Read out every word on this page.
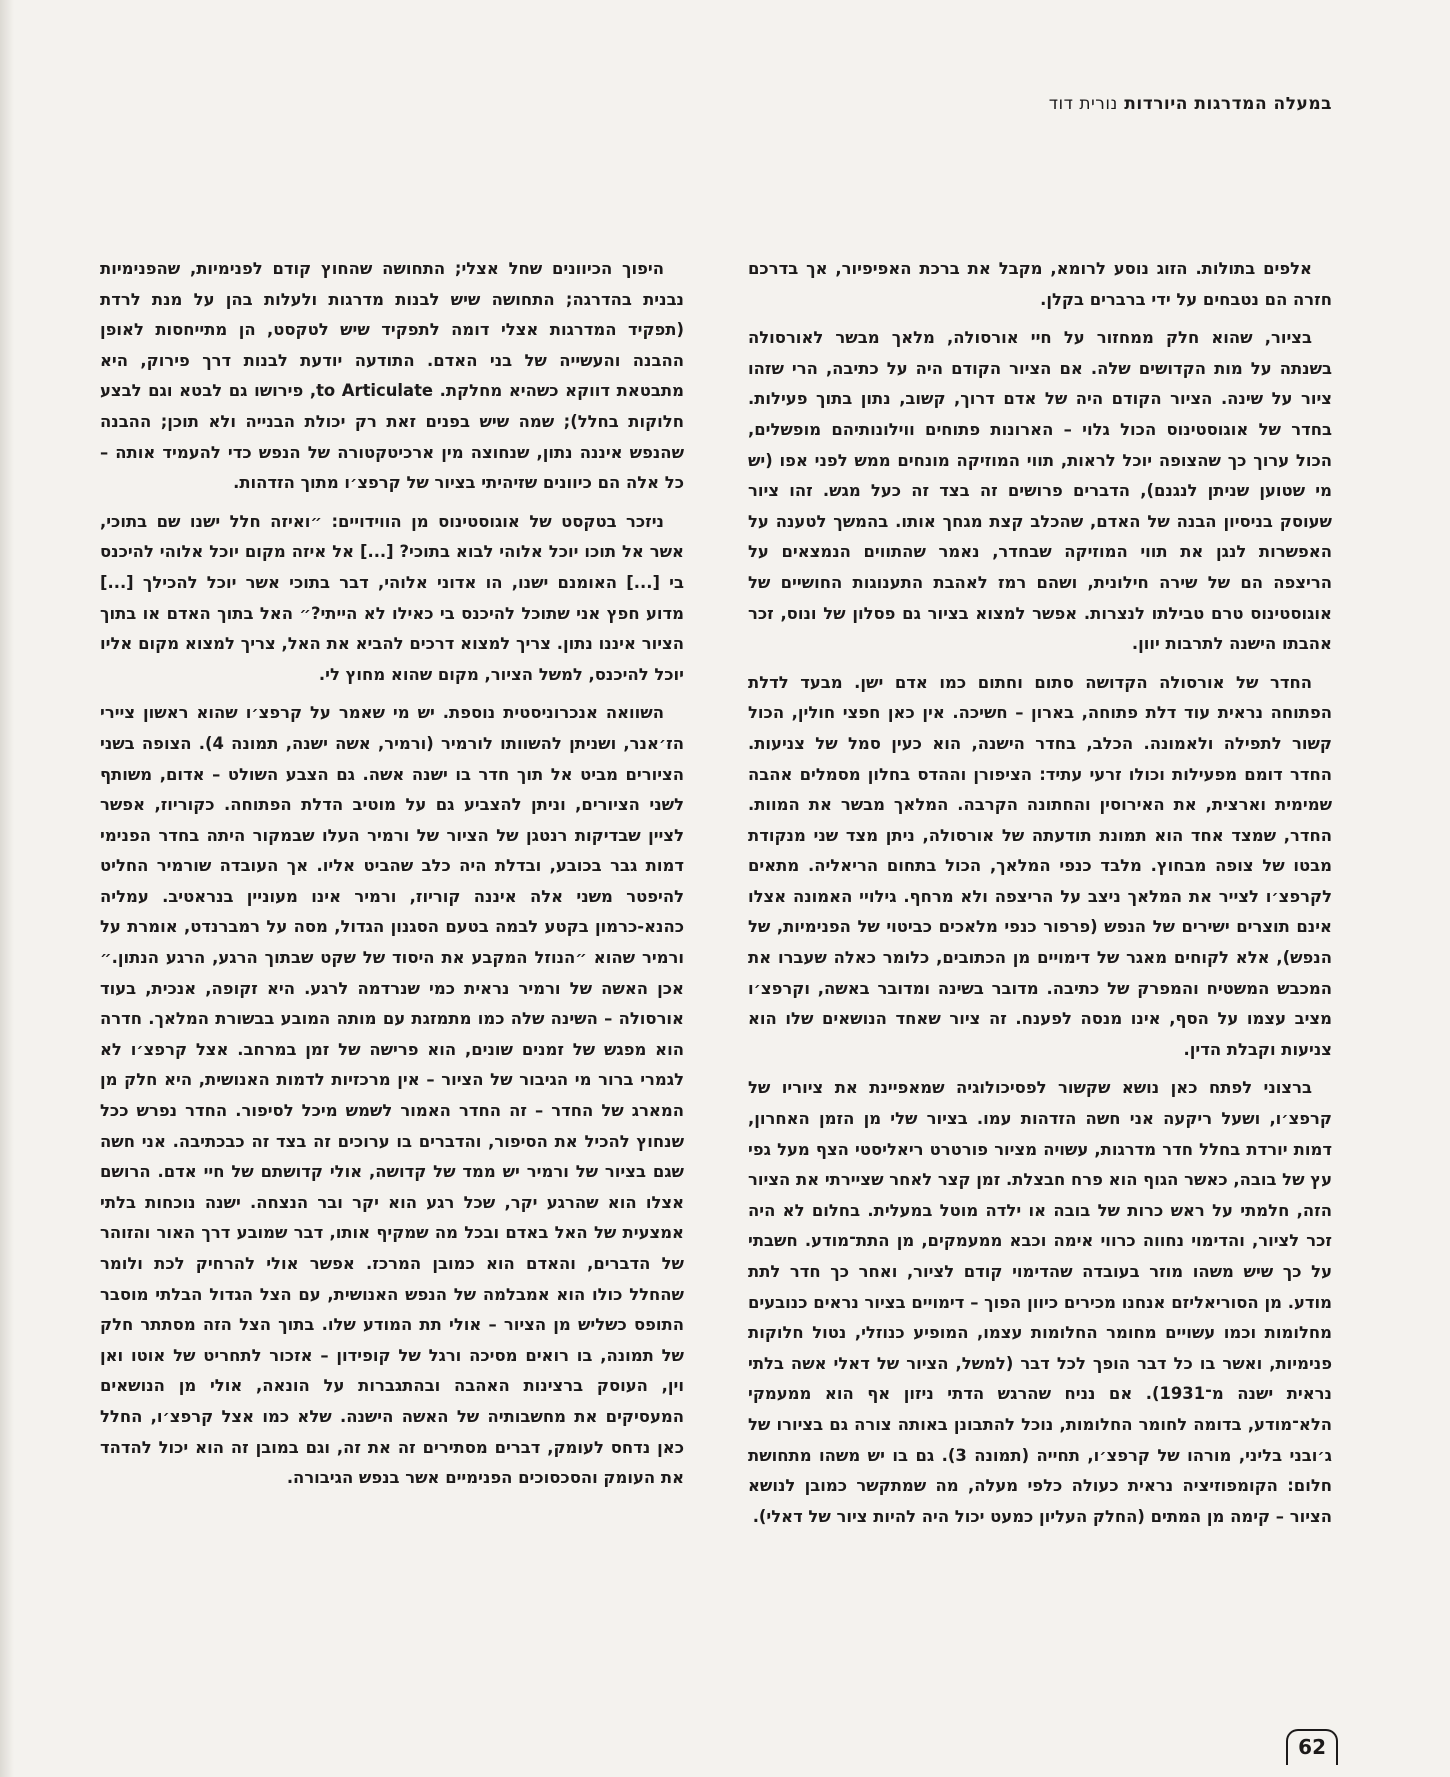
במעלה המדרגות היורדות נורית דוד

אלפים בתולות. הזוג נוסע לרומא, מקבל את ברכת האפיפיור, אך בדרכם חזרה הם נטבחים על ידי ברברים בקלן.

בציור, שהוא חלק ממחזור על חיי אורסולה, מלאך מבשר לאורסולה בשנתה על מות הקדושים שלה. אם הציור הקודם היה על כתיבה, הרי שזהו ציור על שינה. הציור הקודם היה של אדם דרוך, קשוב, נתון בתוך פעילות. בחדר של אוגוסטינוס הכול גלוי – הארונות פתוחים ווילונותיהם מופשלים, הכול ערוך כך שהצופה יוכל לראות, תווי המוזיקה מונחים ממש לפני אפו (יש מי שטוען שניתן לנגנם), הדברים פרושים זה בצד זה כעל מגש. זהו ציור שעוסק בניסיון הבנה של האדם, שהכלב קצת מגחך אותו. בהמשך לטענה על האפשרות לנגן את תווי המוזיקה שבחדר, נאמר שהתווים הנמצאים על הריצפה הם של שירה חילונית, ושהם רמז לאהבת התענוגות החושיים של אוגוסטינוס טרם טבילתו לנצרות. אפשר למצוא בציור גם פסלון של ונוס, זכר אהבתו הישנה לתרבות יוון.

החדר של אורסולה הקדושה סתום וחתום כמו אדם ישן. מבעד לדלת הפתוחה נראית עוד דלת פתוחה, בארון – חשיכה. אין כאן חפצי חולין, הכול קשור לתפילה ולאמונה. הכלב, בחדר הישנה, הוא כעין סמל של צניעות. החדר דומם מפעילות וכולו זרעי עתיד: הציפורן וההדס בחלון מסמלים אהבה שמימית וארצית, את האירוסין והחתונה הקרבה. המלאך מבשר את המוות. החדר, שמצד אחד הוא תמונת תודעתה של אורסולה, ניתן מצד שני מנקודת מבטו של צופה מבחוץ. מלבד כנפי המלאך, הכול בתחום הריאליה. מתאים לקרפצ׳ו לצייר את המלאך ניצב על הריצפה ולא מרחף. גילויי האמונה אצלו אינם תוצרים ישירים של הנפש (פרפור כנפי מלאכים כביטוי של הפנימיות, של הנפש), אלא לקוחים מאגר של דימויים מן הכתובים, כלומר כאלה שעברו את המכבש המשטיח והמפרק של כתיבה. מדובר בשינה ומדובר באשה, וקרפצ׳ו מציב עצמו על הסף, אינו מנסה לפענח. זה ציור שאחד הנושאים שלו הוא צניעות וקבלת הדין.

ברצוני לפתח כאן נושא שקשור לפסיכולוגיה שמאפיינת את ציוריו של קרפצ׳ו, ושעל ריקעה אני חשה הזדהות עמו. בציור שלי מן הזמן האחרון, דמות יורדת בחלל חדר מדרגות, עשויה מציור פורטרט ריאליסטי הצף מעל גפי עץ של בובה, כאשר הגוף הוא פרח חבצלת. זמן קצר לאחר שציירתי את הציור הזה, חלמתי על ראש כרות של בובה או ילדה מוטל במעלית. בחלום לא היה זכר לציור, והדימוי נחווה כרווי אימה וכבא ממעמקים, מן התת־מודע. חשבתי על כך שיש משהו מוזר בעובדה שהדימוי קודם לציור, ואחר כך חדר לתת מודע. מן הסוריאליזם אנחנו מכירים כיוון הפוך – דימויים בציור נראים כנובעים מחלומות וכמו עשויים מחומר החלומות עצמו, המופיע כנוזלי, נטול חלוקות פנימיות, ואשר בו כל דבר הופך לכל דבר (למשל, הציור של דאלי אשה בלתי נראית ישנה מ־1931). אם נניח שהרגש הדתי ניזון אף הוא ממעמקי הלא־מודע, בדומה לחומר החלומות, נוכל להתבונן באותה צורה גם בציורו של ג׳ובני בליני, מורהו של קרפצ׳ו, תחייה (תמונה 3). גם בו יש משהו מתחושת חלום: הקומפוזיציה נראית כעולה כלפי מעלה, מה שמתקשר כמובן לנושא הציור – קימה מן המתים (החלק העליון כמעט יכול היה להיות ציור של דאלי).

היפוך הכיוונים שחל אצלי; התחושה שהחוץ קודם לפנימיות, שהפנימיות נבנית בהדרגה; התחושה שיש לבנות מדרגות ולעלות בהן על מנת לרדת (תפקיד המדרגות אצלי דומה לתפקיד שיש לטקסט, הן מתייחסות לאופן ההבנה והעשייה של בני האדם. התודעה יודעת לבנות דרך פירוק, היא מתבטאת דווקא כשהיא מחלקת. to Articulate, פירושו גם לבטא וגם לבצע חלוקות בחלל); שמה שיש בפנים זאת רק יכולת הבנייה ולא תוכן; ההבנה שהנפש איננה נתון, שנחוצה מין ארכיטקטורה של הנפש כדי להעמיד אותה – כל אלה הם כיוונים שזיהיתי בציור של קרפצ׳ו מתוך הזדהות.

ניזכר בטקסט של אוגוסטינוס מן הווידויים: ״ואיזה חלל ישנו שם בתוכי, אשר אל תוכו יוכל אלוהי לבוא בתוכי? [...] אל איזה מקום יוכל אלוהי להיכנס בי [...] האומנם ישנו, הו אדוני אלוהי, דבר בתוכי אשר יוכל להכילך [...] מדוע חפץ אני שתוכל להיכנס בי כאילו לא הייתי?״ האל בתוך האדם או בתוך הציור איננו נתון. צריך למצוא דרכים להביא את האל, צריך למצוא מקום אליו יוכל להיכנס, למשל הציור, מקום שהוא מחוץ לי.

השוואה אנכרוניסטית נוספת. יש מי שאמר על קרפצ׳ו שהוא ראשון ציירי הז׳אנר, ושניתן להשוותו לורמיר (ורמיר, אשה ישנה, תמונה 4). הצופה בשני הציורים מביט אל תוך חדר בו ישנה אשה. גם הצבע השולט – אדום, משותף לשני הציורים, וניתן להצביע גם על מוטיב הדלת הפתוחה. כקוריוז, אפשר לציין שבדיקות רנטגן של הציור של ורמיר העלו שבמקור היתה בחדר הפנימי דמות גבר בכובע, ובדלת היה כלב שהביט אליו. אך העובדה שורמיר החליט להיפטר משני אלה איננה קוריוז, ורמיר אינו מעוניין בנראטיב. עמליה כהנא-כרמון בקטע לבמה בטעם הסגנון הגדול, מסה על רמברנדט, אומרת על ורמיר שהוא ״הנוזל המקבע את היסוד של שקט שבתוך הרגע, הרגע הנתון.״ אכן האשה של ורמיר נראית כמי שנרדמה לרגע. היא זקופה, אנכית, בעוד אורסולה – השינה שלה כמו מתמזגת עם מותה המובע בבשורת המלאך. חדרה הוא מפגש של זמנים שונים, הוא פרישה של זמן במרחב. אצל קרפצ׳ו לא לגמרי ברור מי הגיבור של הציור – אין מרכזיות לדמות האנושית, היא חלק מן המארג של החדר – זה החדר האמור לשמש מיכל לסיפור. החדר נפרש ככל שנחוץ להכיל את הסיפור, והדברים בו ערוכים זה בצד זה כבכתיבה. אני חשה שגם בציור של ורמיר יש ממד של קדושה, אולי קדושתם של חיי אדם. הרושם אצלו הוא שהרגע יקר, שכל רגע הוא יקר ובר הנצחה. ישנה נוכחות בלתי אמצעית של האל באדם ובכל מה שמקיף אותו, דבר שמובע דרך האור והזוהר של הדברים, והאדם הוא כמובן המרכז. אפשר אולי להרחיק לכת ולומר שהחלל כולו הוא אמבלמה של הנפש האנושית, עם הצל הגדול הבלתי מוסבר התופס כשליש מן הציור – אולי תת המודע שלו. בתוך הצל הזה מסתתר חלק של תמונה, בו רואים מסיכה ורגל של קופידון – אזכור לתחריט של אוטו ואן וין, העוסק ברצינות האהבה ובהתגברות על הונאה, אולי מן הנושאים המעסיקים את מחשבותיה של האשה הישנה. שלא כמו אצל קרפצ׳ו, החלל כאן נדחס לעומק, דברים מסתירים זה את זה, וגם במובן זה הוא יכול להדהד את העומק והסכסוכים הפנימיים אשר בנפש הגיבורה.

62
